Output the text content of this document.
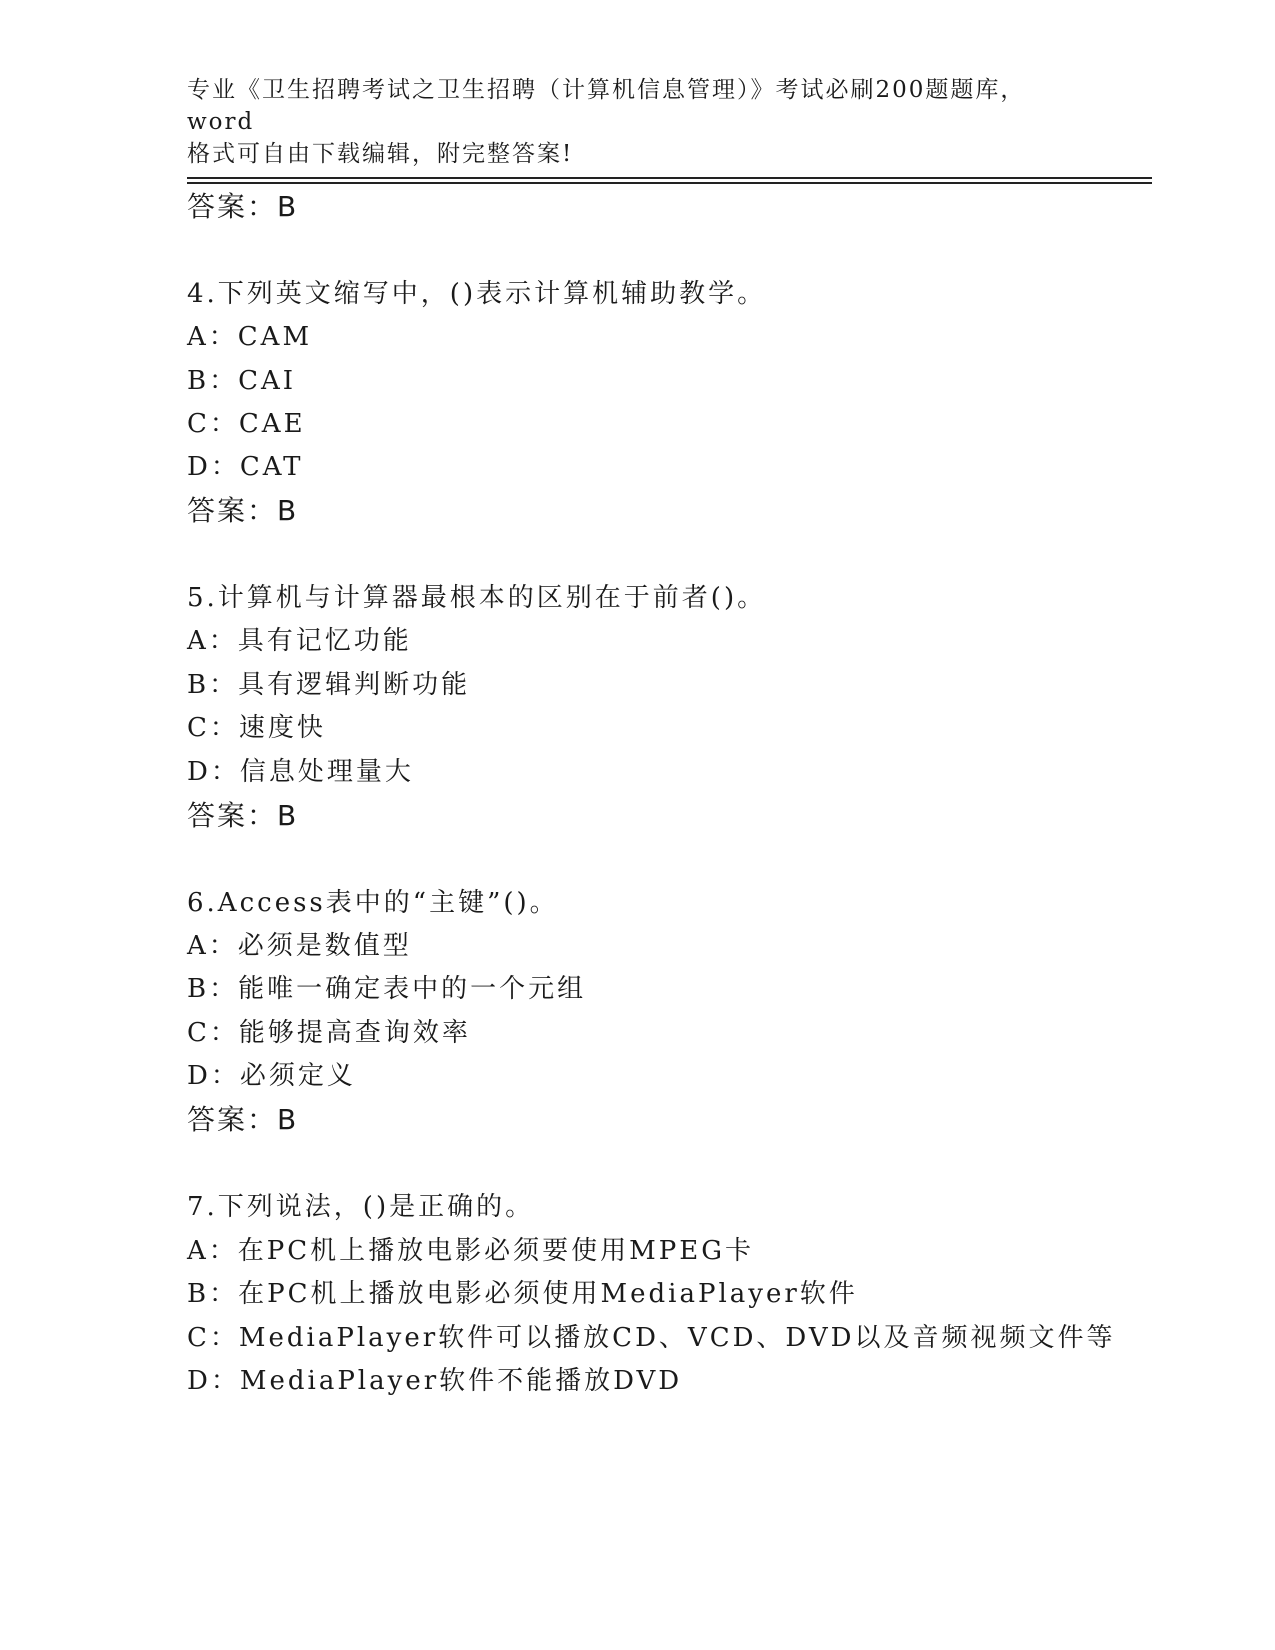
专业《卫生招聘考试之卫生招聘（计算机信息管理）》考试必刷200题题库，word
格式可自由下载编辑，附完整答案!
答案：B
4.下列英文缩写中，()表示计算机辅助教学。
A：CAM
B：CAI
C：CAE
D：CAT
答案：B
5.计算机与计算器最根本的区别在于前者()。
A：具有记忆功能
B：具有逻辑判断功能
C：速度快
D：信息处理量大
答案：B
6.Access表中的“主键”()。
A：必须是数值型
B：能唯一确定表中的一个元组
C：能够提高查询效率
D：必须定义
答案：B
7.下列说法，()是正确的。
A：在PC机上播放电影必须要使用MPEG卡
B：在PC机上播放电影必须使用MediaPlayer软件
C：MediaPlayer软件可以播放CD、VCD、DVD以及音频视频文件等
D：MediaPlayer软件不能播放DVD
